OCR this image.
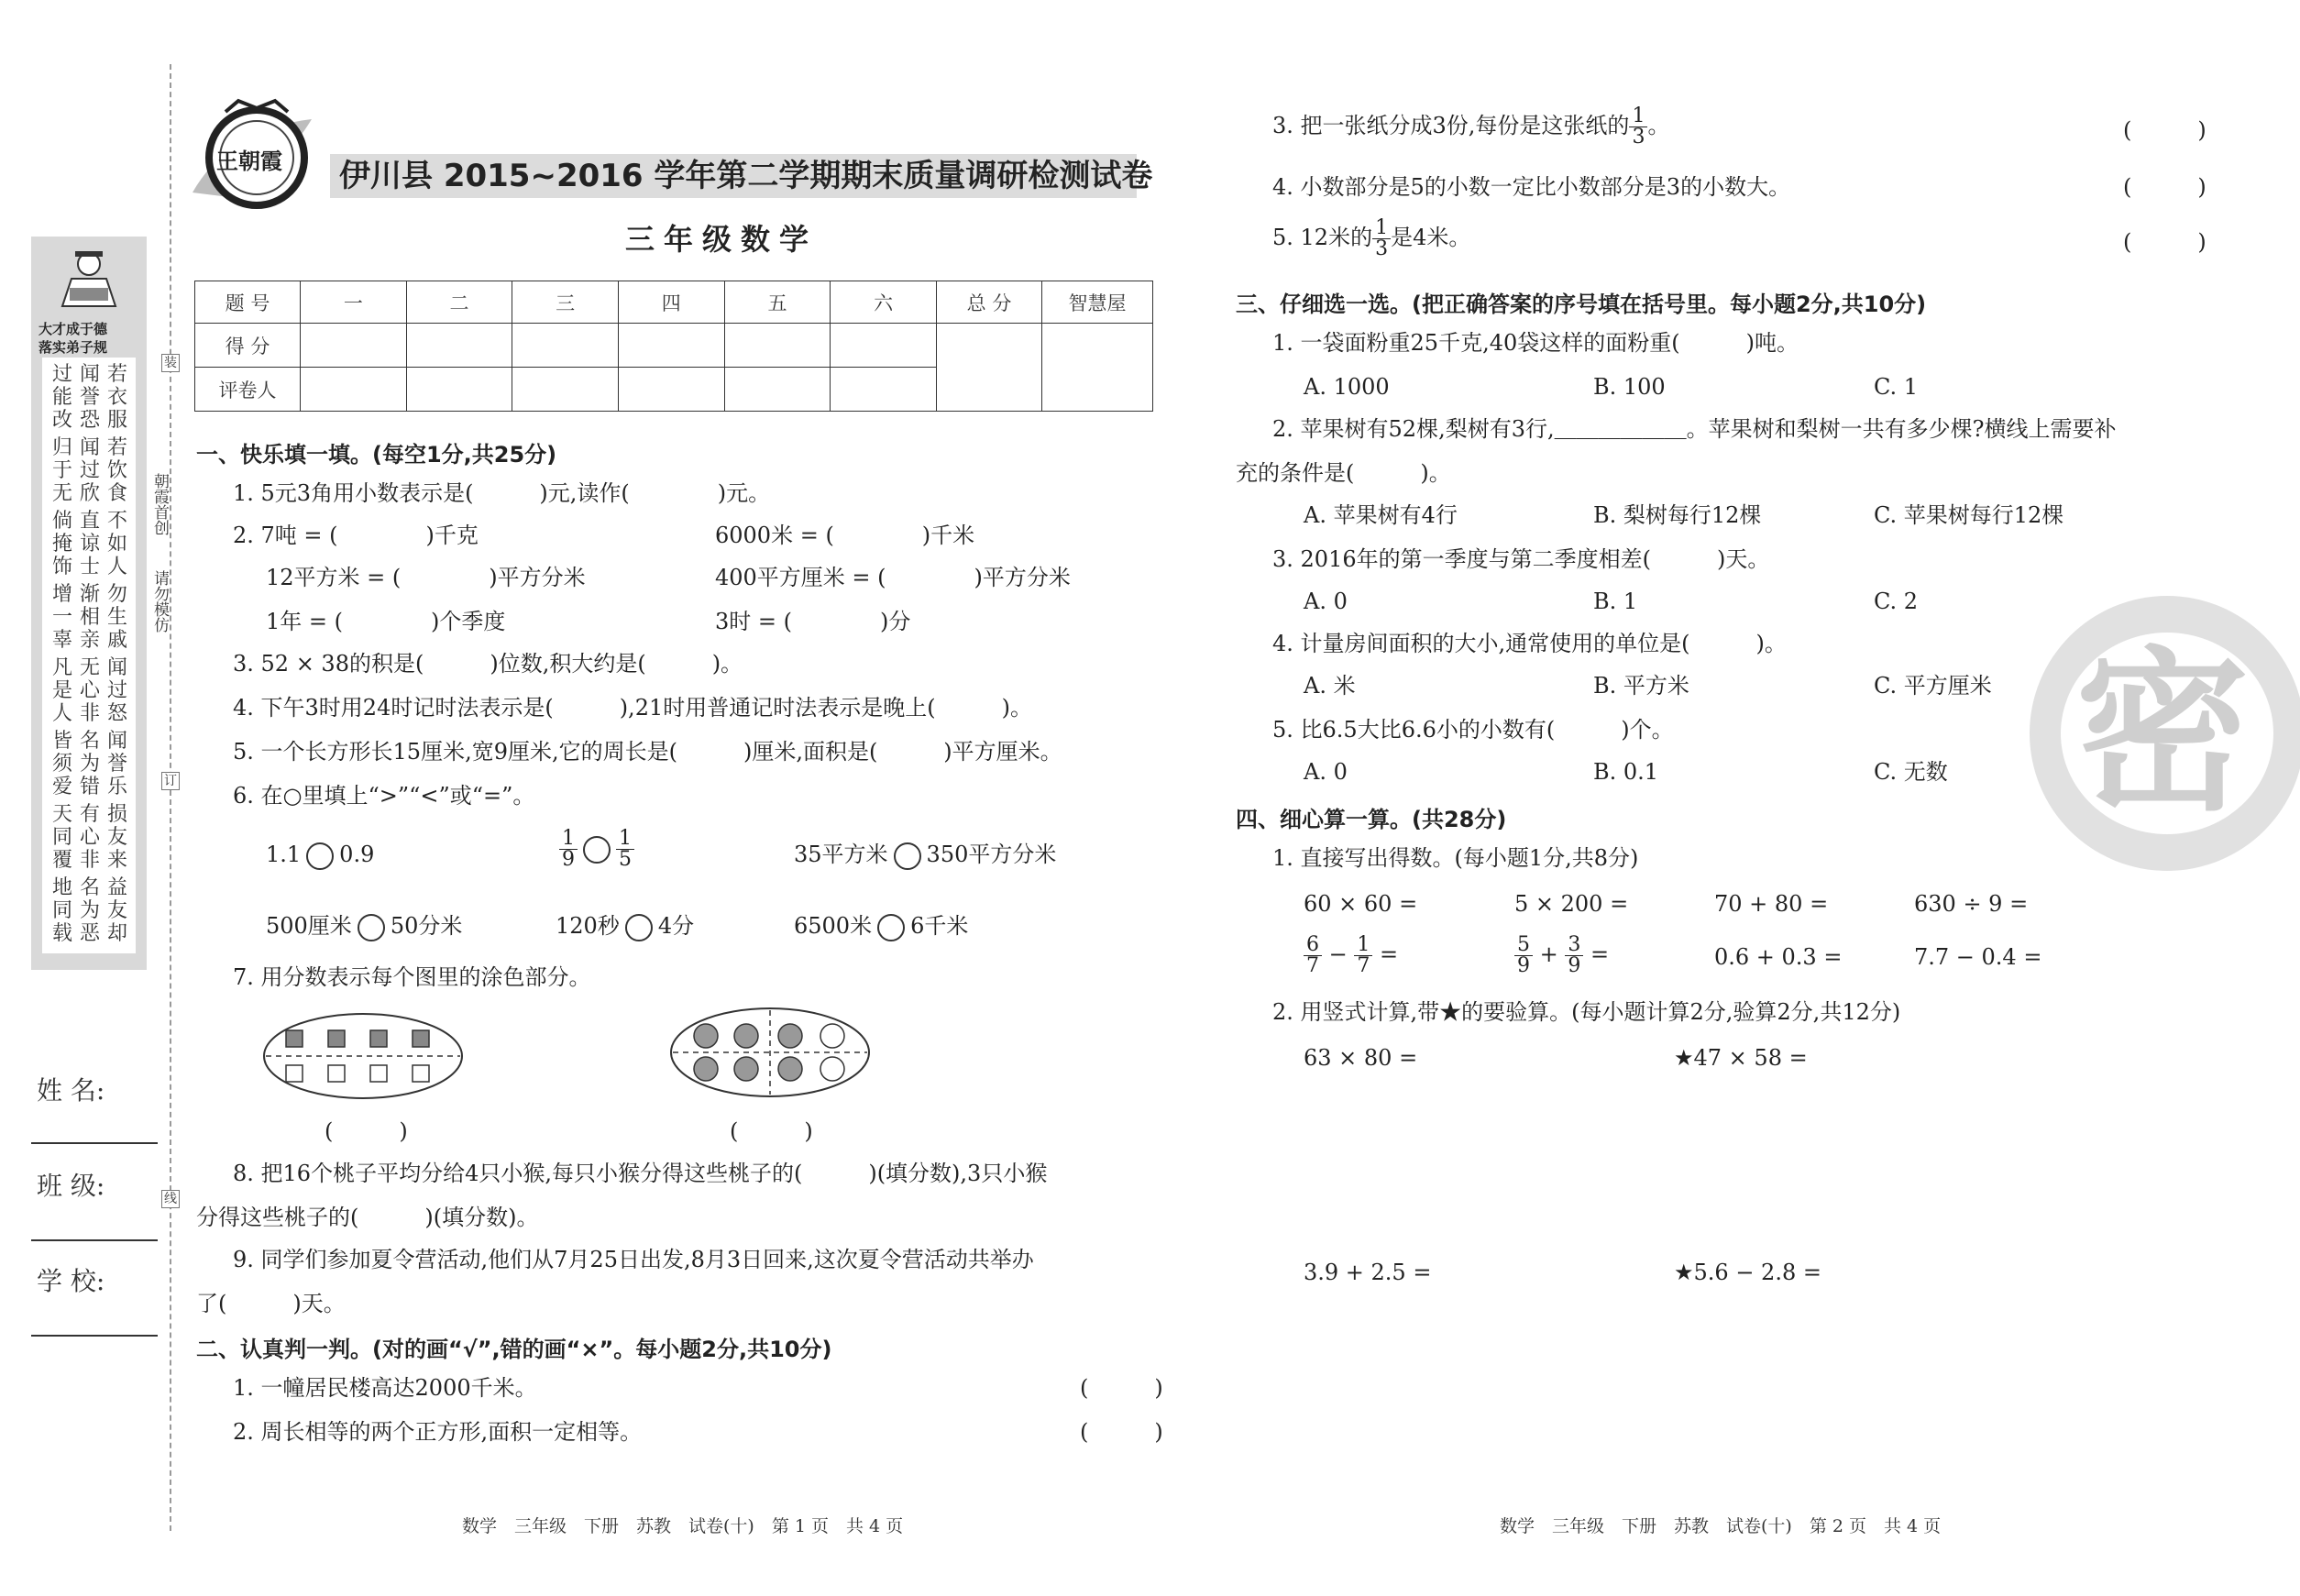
大才成于德
落实弟子规
若衣服
闻誉恐
过能改
若饮食
闻过欣
归于无
不如人
直谅士
倘掩饰
勿生戚
渐相亲
增一辜
闻过怒
无心非
凡是人
闻誉乐
名为错
皆须爱
损友来
有心非
天同覆
益友却
名为恶
地同载
装
订
线
朝霞首创
请勿模仿
姓 名:
班 级:
学 校:
王朝霞 伊川县 2015~2016 学年第二学期期末质量调研检测试卷
三年级数学
题 号	一	二	三	四	五	六	总 分	智慧屋
得 分								
评卷人								
一、快乐填一填。(每空1分,共25分)
1. 5元3角用小数表示是(　　　)元,读作(　　　　)元。
2. 7吨 = (　　　　)千克	6000米 = (　　　　)千米
12平方米 = (　　　　)平方分米	400平方厘米 = (　　　　)平方分米
1年 = (　　　　)个季度	3时 = (　　　　)分
3. 52 × 38的积是(　　　)位数,积大约是(　　　)。
4. 下午3时用24时记时法表示是(　　　),21时用普通记时法表示是晚上(　　　)。
5. 一个长方形长15厘米,宽9厘米,它的周长是(　　　)厘米,面积是(　　　)平方厘米。
6. 在○里填上“>”“<”或“=”。
1.1 0.9	$\frac{1}{9} \frac{1}{5}$	35平方米 350平方分米
500厘米 50分米	120秒 4分	6500米 6千米
7. 用分数表示每个图里的涂色部分。
(　　　)	(　　　)
8. 把16个桃子平均分给4只小猴,每只小猴分得这些桃子的(　　　)(填分数),3只小猴
分得这些桃子的(　　　)(填分数)。
9. 同学们参加夏令营活动,他们从7月25日出发,8月3日回来,这次夏令营活动共举办
了(　　　)天。
二、认真判一判。(对的画“√”,错的画“×”。每小题2分,共10分)
1. 一幢居民楼高达2000千米。	(　　　)
2. 周长相等的两个正方形,面积一定相等。	(　　　)
3. 把一张纸分成3份,每份是这张纸的 $\frac{1}{3}$ 。	(　　　)
4. 小数部分是5的小数一定比小数部分是3的小数大。	(　　　)
5. 12米的 $\frac{1}{3}$ 是4米。	(　　　)
三、仔细选一选。(把正确答案的序号填在括号里。每小题2分,共10分)
1. 一袋面粉重25千克,40袋这样的面粉重(　　　)吨。
A. 1000	B. 100	C. 1
2. 苹果树有52棵,梨树有3行,＿＿＿＿＿＿。苹果树和梨树一共有多少棵?横线上需要补
充的条件是(　　　)。
A. 苹果树有4行	B. 梨树每行12棵	C. 苹果树每行12棵
3. 2016年的第一季度与第二季度相差(　　　)天。
A. 0	B. 1	C. 2
4. 计量房间面积的大小,通常使用的单位是(　　　)。
A. 米	B. 平方米	C. 平方厘米
5. 比6.5大比6.6小的小数有(　　　)个。
A. 0	B. 0.1	C. 无数
四、细心算一算。(共28分)
1. 直接写出得数。(每小题1分,共8分)
60 × 60 =	5 × 200 =	70 + 80 =	630 ÷ 9 =
$\frac{6}{7} - \frac{1}{7}$ =	$\frac{5}{9} + \frac{3}{9}$ =	0.6 + 0.3 =	7.7 − 0.4 =
2. 用竖式计算,带★的要验算。(每小题计算2分,验算2分,共12分)
63 × 80 =	★47 × 58 =
3.9 + 2.5 =	★5.6 − 2.8 =
密
数学　三年级　下册　苏教　试卷(十)　第 1 页　共 4 页	数学　三年级　下册　苏教　试卷(十)　第 2 页　共 4 页
